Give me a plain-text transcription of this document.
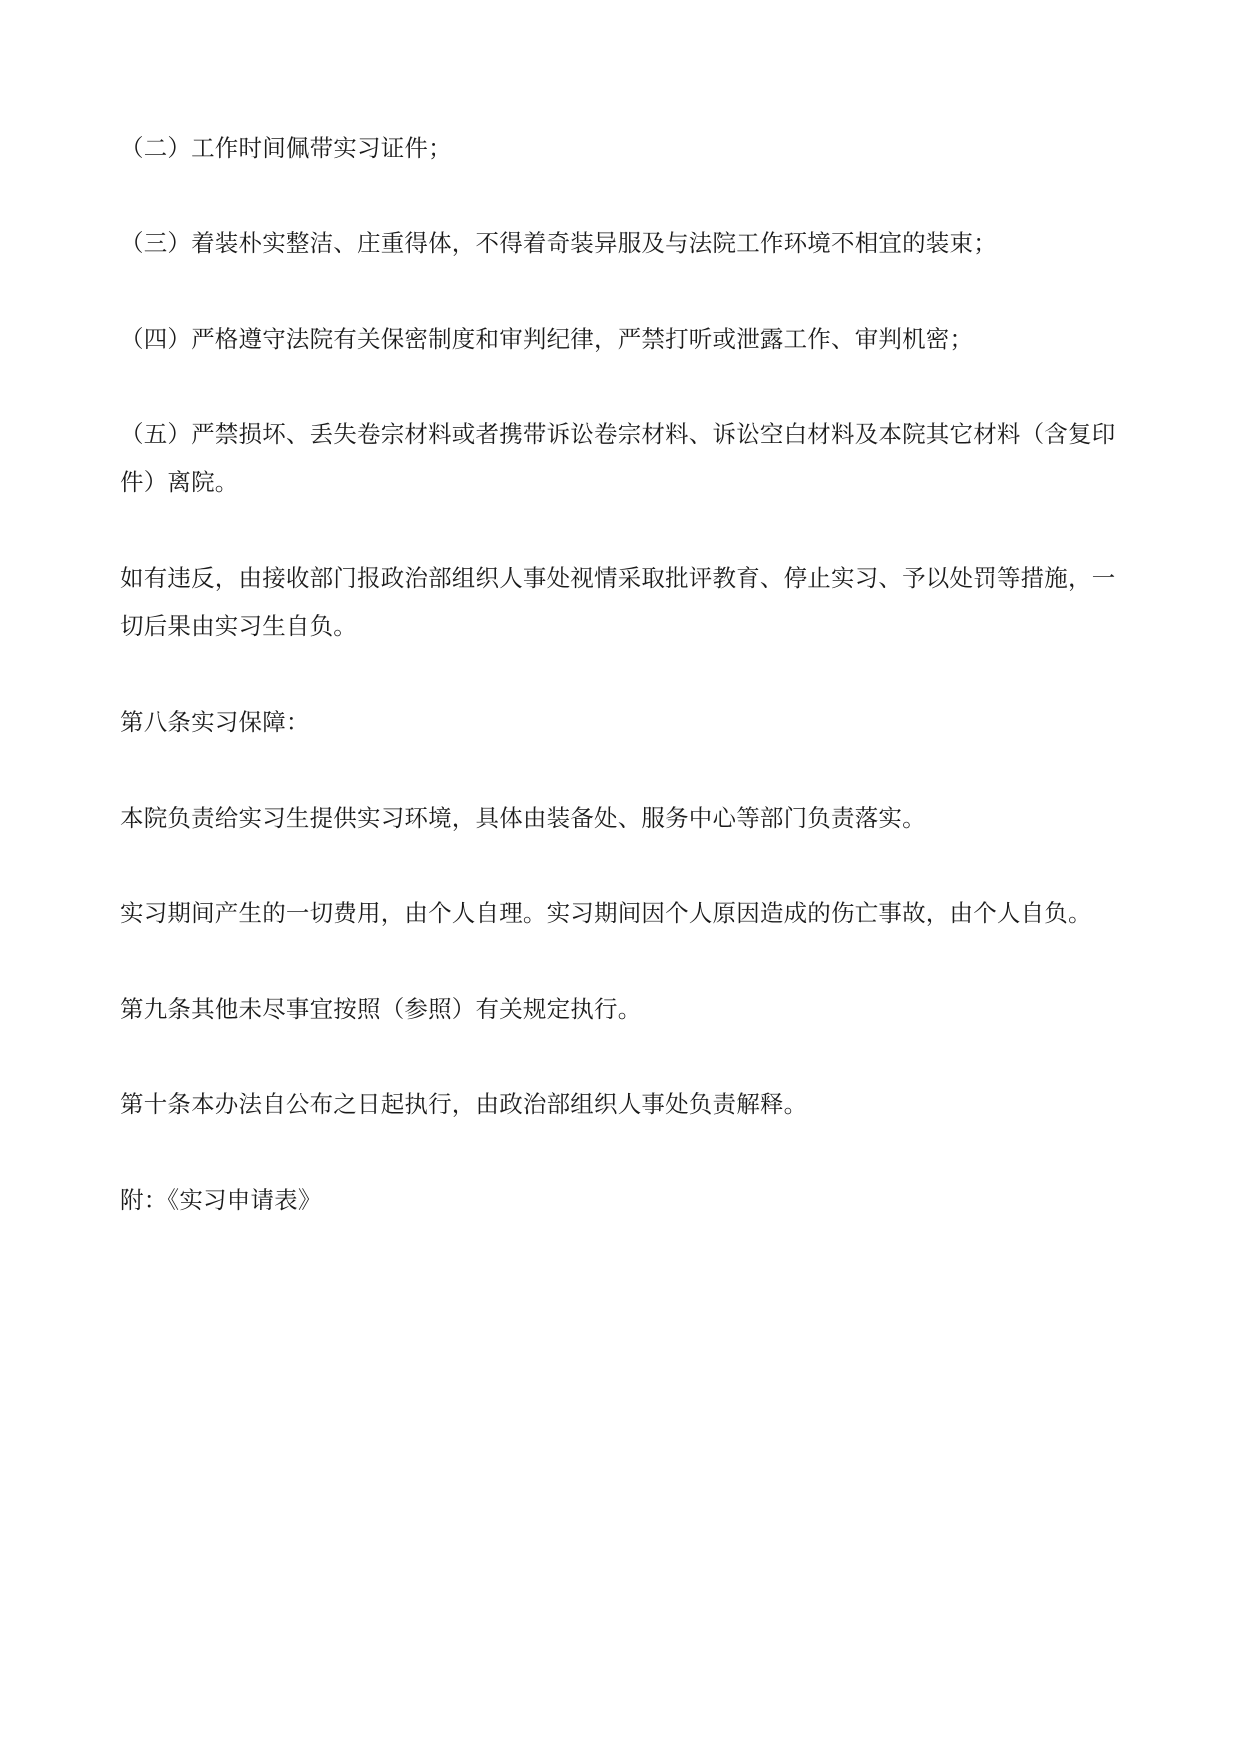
（二）工作时间佩带实习证件；

（三）着装朴实整洁、庄重得体，不得着奇装异服及与法院工作环境不相宜的装束；

（四）严格遵守法院有关保密制度和审判纪律，严禁打听或泄露工作、审判机密；

（五）严禁损坏、丢失卷宗材料或者携带诉讼卷宗材料、诉讼空白材料及本院其它材料（含复印件）离院。

如有违反，由接收部门报政治部组织人事处视情采取批评教育、停止实习、予以处罚等措施，一切后果由实习生自负。

第八条实习保障：

本院负责给实习生提供实习环境，具体由装备处、服务中心等部门负责落实。

实习期间产生的一切费用，由个人自理。实习期间因个人原因造成的伤亡事故，由个人自负。

第九条其他未尽事宜按照（参照）有关规定执行。

第十条本办法自公布之日起执行，由政治部组织人事处负责解释。

附：《实习申请表》
